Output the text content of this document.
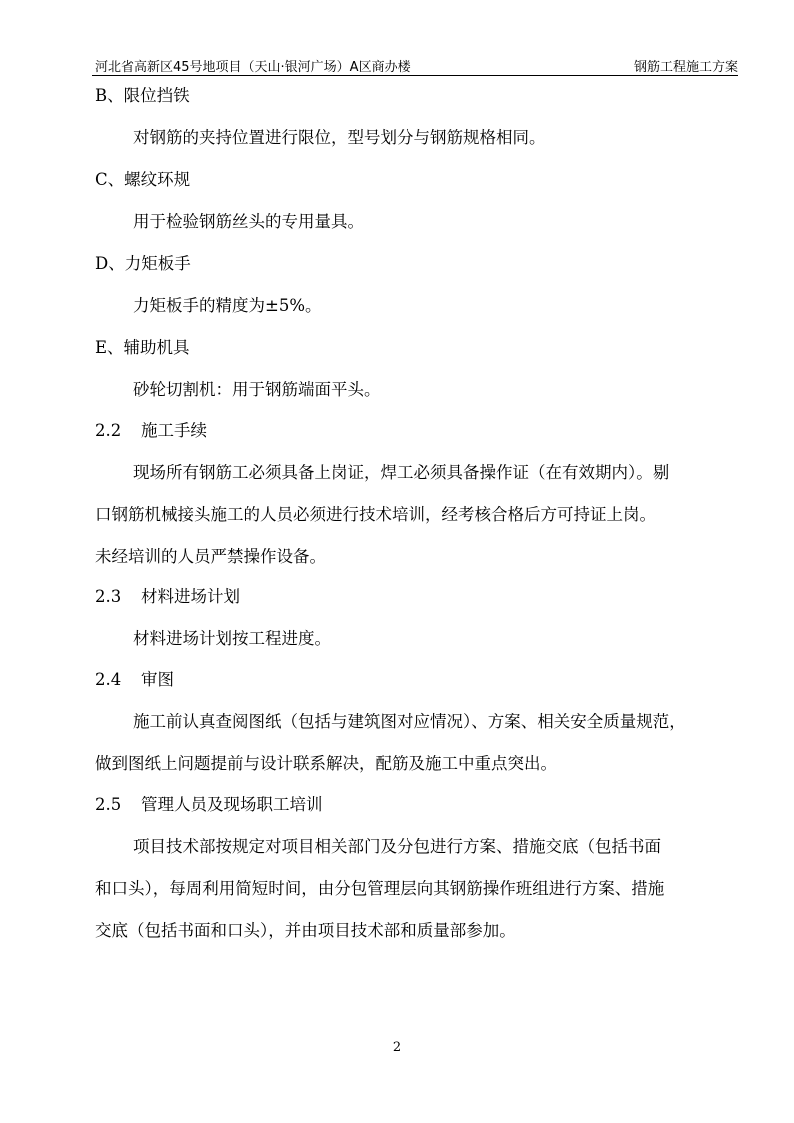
河北省高新区45号地项目（天山·银河广场）A区商办楼	钢筋工程施工方案
B、限位挡铁
对钢筋的夹持位置进行限位，型号划分与钢筋规格相同。
C、螺纹环规
用于检验钢筋丝头的专用量具。
D、力矩板手
力矩板手的精度为±5%。
E、辅助机具
砂轮切割机：用于钢筋端面平头。
2.2 施工手续
现场所有钢筋工必须具备上岗证，焊工必须具备操作证（在有效期内）。剔
口钢筋机械接头施工的人员必须进行技术培训，经考核合格后方可持证上岗。
未经培训的人员严禁操作设备。
2.3 材料进场计划
材料进场计划按工程进度。
2.4 审图
施工前认真查阅图纸（包括与建筑图对应情况）、方案、相关安全质量规范，
做到图纸上问题提前与设计联系解决，配筋及施工中重点突出。
2.5 管理人员及现场职工培训
项目技术部按规定对项目相关部门及分包进行方案、措施交底（包括书面
和口头），每周利用简短时间，由分包管理层向其钢筋操作班组进行方案、措施
交底（包括书面和口头），并由项目技术部和质量部参加。
2
